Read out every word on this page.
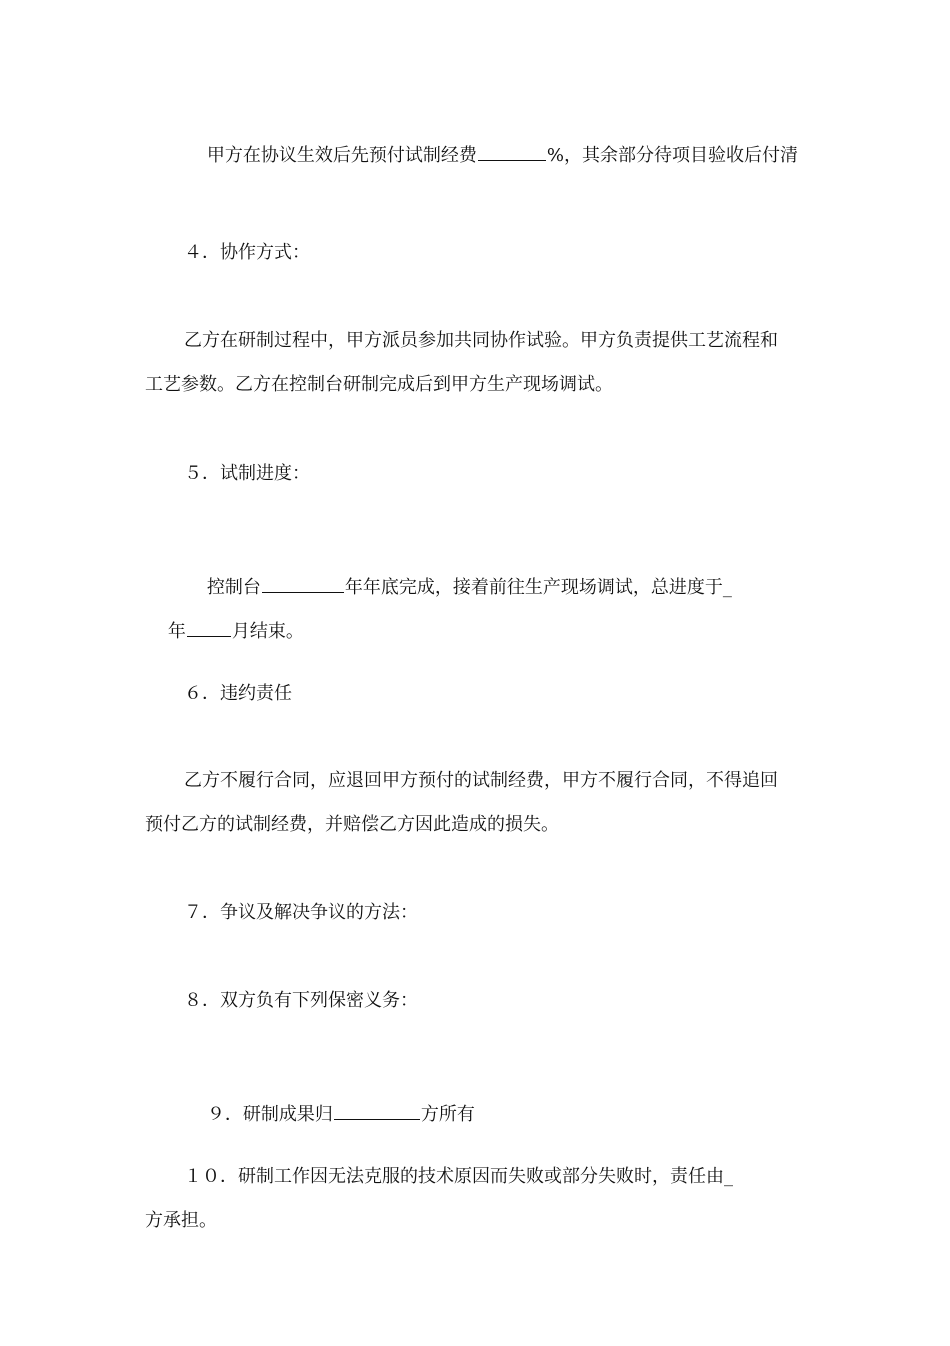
甲方在协议生效后先预付试制经费	%，其余部分待项目验收后付清

４．协作方式：
乙方在研制过程中，甲方派员参加共同协作试验。甲方负责提供工艺流程和
工艺参数。乙方在控制台研制完成后到甲方生产现场调试。
５．试制进度：

控制台	年年底完成，接着前往生产现场调试，总进度于_

年	月结束。

６．违约责任
乙方不履行合同，应退回甲方预付的试制经费，甲方不履行合同，不得追回
预付乙方的试制经费，并赔偿乙方因此造成的损失。
７．争议及解决争议的方法：
８．双方负有下列保密义务：

９．研制成果归	方所有

１０．研制工作因无法克服的技术原因而失败或部分失败时，责任由_
方承担。
